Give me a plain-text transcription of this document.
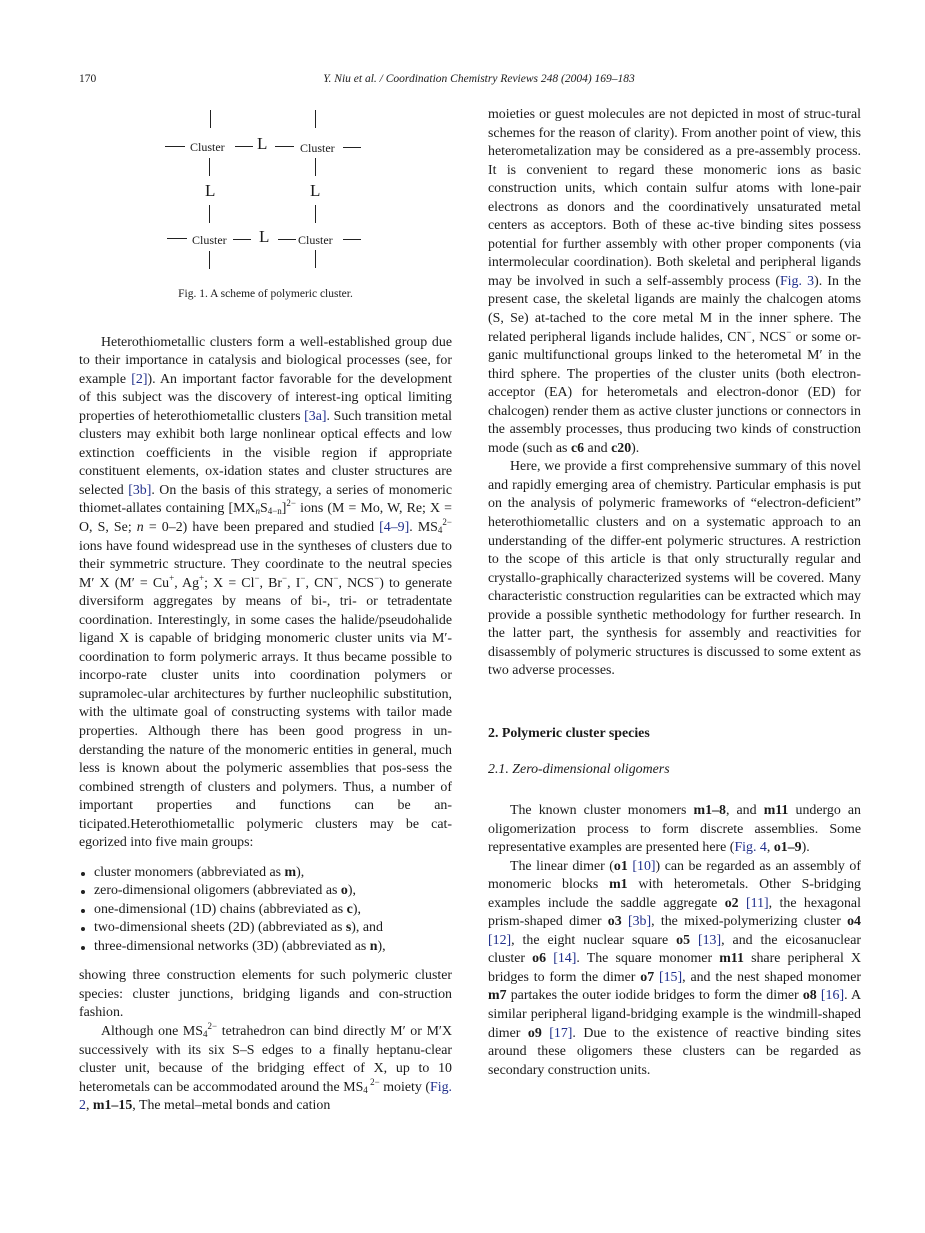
170	Y. Niu et al. / Coordination Chemistry Reviews 248 (2004) 169–183
Cluster L	Cluster
L	L
Cluster L Cluster
Fig. 1. A scheme of polymeric cluster.

Heterothiometallic clusters form a well-established group due to their importance in catalysis and biological processes (see, for example [2]). An important factor favorable for the development of this subject was the discovery of interest-ing optical limiting properties of heterothiometallic clusters [3a]. Such transition metal clusters may exhibit both large nonlinear optical effects and low extinction coefficients in the visible region if appropriate constituent elements, ox-idation states and cluster structures are selected [3b]. On the basis of this strategy, a series of monomeric thiomet-allates containing $[MX_nS_{4-n}]^{2-}$ ions (M = Mo, W, Re; X = O, S, Se; n = 0–2) have been prepared and studied [4–9]. $MS_4^{2-}$ ions have found widespread use in the syntheses of clusters due to their symmetric structure. They coordinate to the neutral species M′ X (M′ = Cu+, Ag+; X = Cl−, Br−, I−, CN−, NCS−) to generate diversiform aggregates by means of bi-, tri- or tetradentate coordination. Interestingly, in some cases the halide/pseudohalide ligand X is capable of bridging monomeric cluster units via M′-coordination to form polymeric arrays. It thus became possible to incorpo-rate cluster units into coordination polymers or supramolec-ular architectures by further nucleophilic substitution, with the ultimate goal of constructing systems with tailor made properties. Although there has been good progress in un-derstanding the nature of the monomeric entities in general, much less is known about the polymeric assemblies that pos-sess the combined strength of clusters and polymers. Thus, a number of important properties and functions can be an-ticipated.Heterothiometallic polymeric clusters may be cat-egorized into five main groups:

cluster monomers (abbreviated as m),
zero-dimensional oligomers (abbreviated as o),
one-dimensional (1D) chains (abbreviated as c),
two-dimensional sheets (2D) (abbreviated as s), and
three-dimensional networks (3D) (abbreviated as n),

showing three construction elements for such polymeric cluster species: cluster junctions, bridging ligands and con-struction fashion.

Although one $MS_4^{2-}$ tetrahedron can bind directly M′ or M′X successively with its six S–S edges to a finally heptanu-clear cluster unit, because of the bridging effect of X, up to 10 heterometals can be accommodated around the $MS_4$ $^{2-}$ moiety (Fig. 2, m1–15, The metal–metal bonds and cation

moieties or guest molecules are not depicted in most of struc-tural schemes for the reason of clarity). From another point of view, this heterometalization may be considered as a pre-assembly process. It is convenient to regard these monomeric ions as basic construction units, which contain sulfur atoms with lone-pair electrons as donors and the coordinatively unsaturated metal centers as acceptors. Both of these ac-tive binding sites possess potential for further assembly with other proper components (via intermolecular coordination). Both skeletal and peripheral ligands may be involved in such a self-assembly process (Fig. 3). In the present case, the skeletal ligands are mainly the chalcogen atoms (S, Se) at-tached to the core metal M in the inner sphere. The related peripheral ligands include halides, CN−, NCS− or some or-ganic multifunctional groups linked to the heterometal M′ in the third sphere. The properties of the cluster units (both electron-acceptor (EA) for heterometals and electron-donor (ED) for chalcogen) render them as active cluster junctions or connectors in the assembly processes, thus producing two kinds of construction mode (such as c6 and c20).

Here, we provide a first comprehensive summary of this novel and rapidly emerging area of chemistry. Particular emphasis is put on the analysis of polymeric frameworks of “electron-deficient” heterothiometallic clusters and on a systematic approach to an understanding of the differ-ent polymeric structures. A restriction to the scope of this article is that only structurally regular and crystallo-graphically characterized systems will be covered. Many characteristic construction regularities can be extracted which may provide a possible synthetic methodology for further research. In the latter part, the synthesis for assembly and reactivities for disassembly of polymeric structures is discussed to some extent as two adverse processes.

2. Polymeric cluster species
2.1. Zero-dimensional oligomers

The known cluster monomers m1–8, and m11 undergo an oligomerization process to form discrete assemblies. Some representative examples are presented here (Fig. 4, o1–9).

The linear dimer (o1 [10]) can be regarded as an assembly of monomeric blocks m1 with heterometals. Other S-bridging examples include the saddle aggregate o2 [11], the hexagonal prism-shaped dimer o3 [3b], the mixed-polymerizing cluster o4 [12], the eight nuclear square o5 [13], and the eicosanuclear cluster o6 [14]. The square monomer m11 share peripheral X bridges to form the dimer o7 [15], and the nest shaped monomer m7 partakes the outer iodide bridges to form the dimer o8 [16]. A similar peripheral ligand-bridging example is the windmill-shaped dimer o9 [17]. Due to the existence of reactive binding sites around these oligomers these clusters can be regarded as secondary construction units.
